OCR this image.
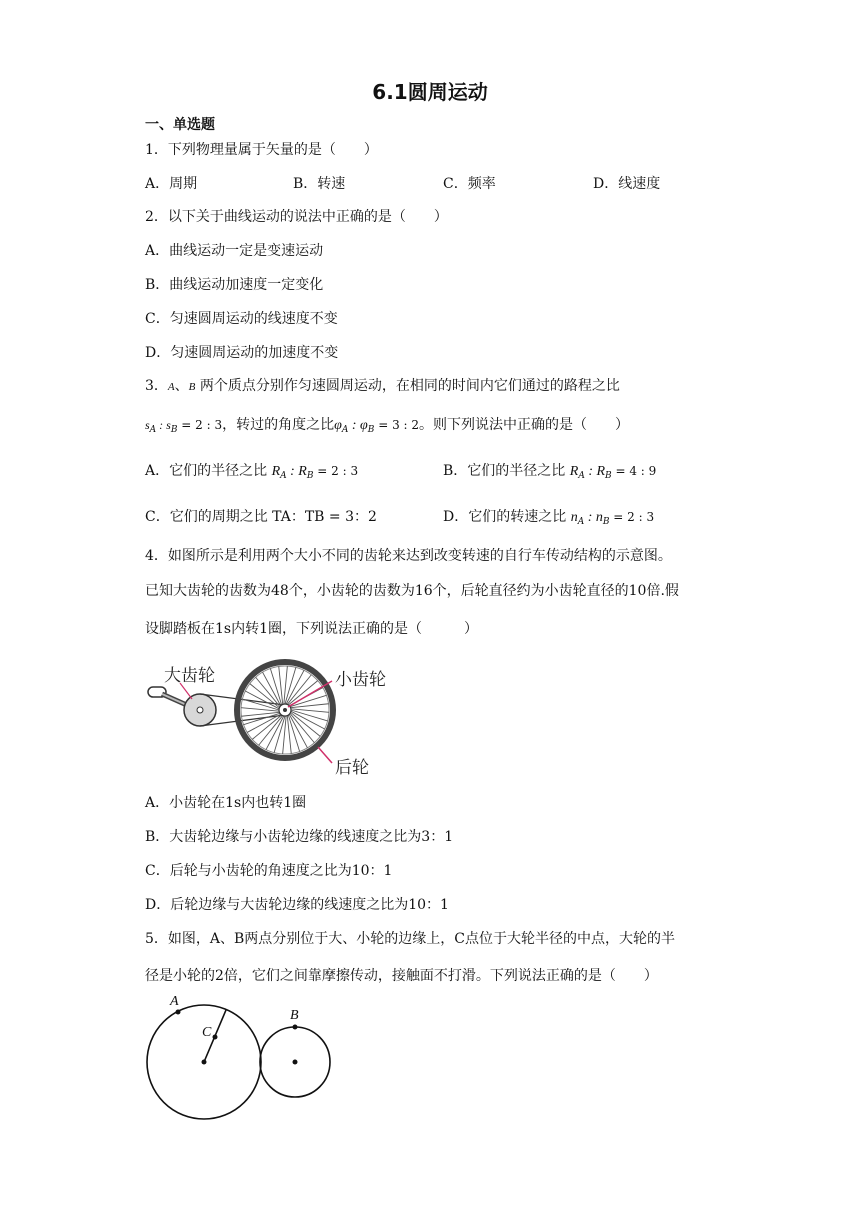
6.1圆周运动
一、单选题
1．下列物理量属于矢量的是（　　）
A．周期	B．转速	C．频率	D．线速度
2．以下关于曲线运动的说法中正确的是（　　）
A．曲线运动一定是变速运动
B．曲线运动加速度一定变化
C．匀速圆周运动的线速度不变
D．匀速圆周运动的加速度不变
3．A、B 两个质点分别作匀速圆周运动，在相同的时间内它们通过的路程之比
$s_A$ : $s_B = 2$ : 3，转过的角度之比$\varphi_A$ : $\varphi_B = 3$ : 2。则下列说法中正确的是（　　）
A．它们的半径之比 $R_A$ : $R_B = 2$ : 3	B．它们的半径之比 $R_A$ : $R_B = 4$ : 9
C．它们的周期之比 TA：TB = 3：2	D．它们的转速之比 $n_A$ : $n_B = 2$ : 3
4．如图所示是利用两个大小不同的齿轮来达到改变转速的自行车传动结构的示意图。
已知大齿轮的齿数为48个，小齿轮的齿数为16个，后轮直径约为小齿轮直径的10倍.假
设脚踏板在1s内转1圈，下列说法正确的是（　　　）
大齿轮	小齿轮
后轮
A．小齿轮在1s内也转1圈
B．大齿轮边缘与小齿轮边缘的线速度之比为3：1
C．后轮与小齿轮的角速度之比为10：1
D．后轮边缘与大齿轮边缘的线速度之比为10：1
5．如图，A、B两点分别位于大、小轮的边缘上，C点位于大轮半径的中点，大轮的半
径是小轮的2倍，它们之间靠摩擦传动，接触面不打滑。下列说法正确的是（　　）
A
C
B
